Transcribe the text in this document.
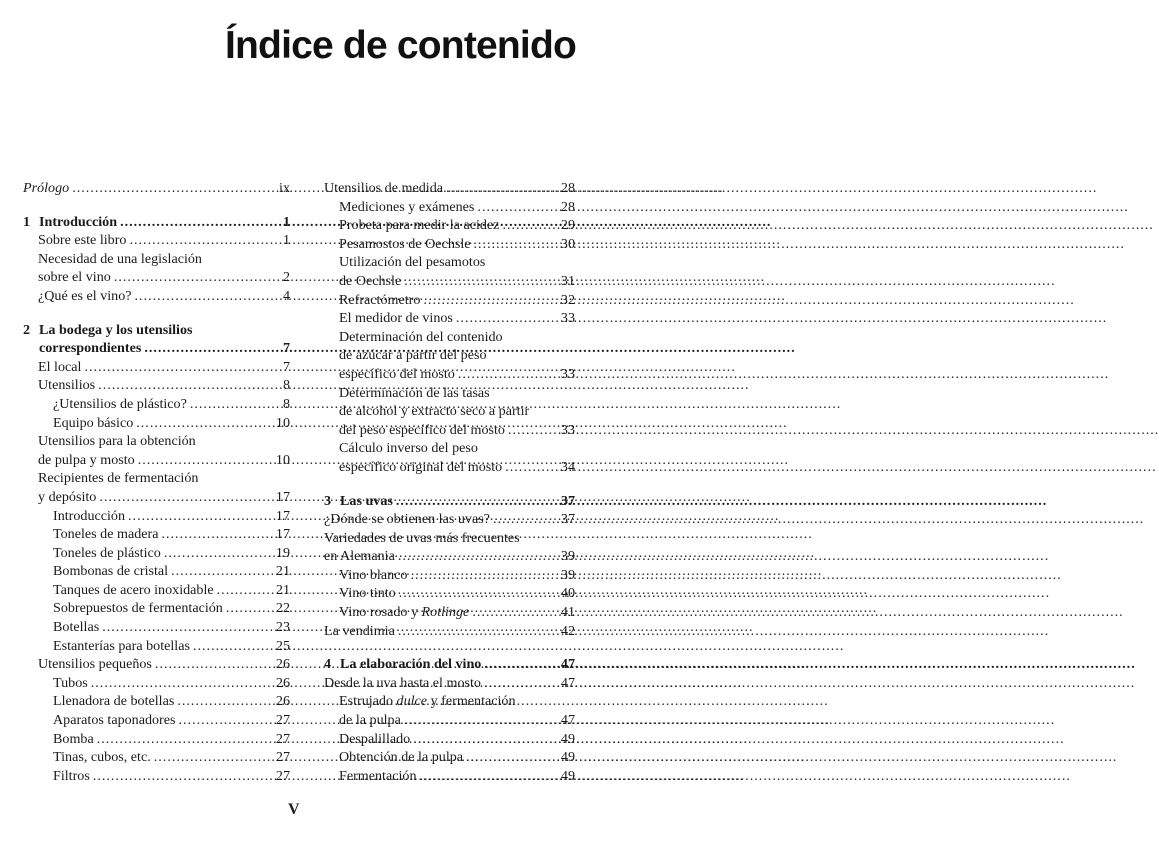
Índice de contenido
Prólogo .....	ix
1 Introducción .....	1
Sobre este libro .....	1
Necesidad de una legislación
sobre el vino .....	2
¿Qué es el vino? .....	4
2 La bodega y los utensilios
correspondientes .....	7
El local .....	7
Utensilios .....	8
¿Utensilios de plástico? .....	8
Equipo básico .....	10
Utensilios para la obtención
de pulpa y mosto .....	10
Recipientes de fermentación
y depósito .....	17
Introducción .....	17
Toneles de madera .....	17
Toneles de plástico .....	19
Bombonas de cristal .....	21
Tanques de acero inoxidable .....	21
Sobrepuestos de fermentación .....	22
Botellas .....	23
Estanterías para botellas .....	25
Utensilios pequeños .....	26
Tubos .....	26
Llenadora de botellas .....	26
Aparatos taponadores .....	27
Bomba .....	27
Tinas, cubos, etc. .....	27
Filtros .....	27
Utensilios de medida .....	28
Mediciones y exámenes .....	28
Probeta para medir la acidez .....	29
Pesamostos de Oechsle .....	30
Utilización del pesamotos
de Oechsle .....	31
Refractómetro .....	32
El medidor de vinos .....	33
Determinación del contenido
de azúcar a partir del peso
específico del mosto .....	33
Determinación de las tasas
de alcohol y extracto seco a partir
del peso específico del mosto .....	33
Cálculo inverso del peso
específico original del mosto .....	34
3 Las uvas .....	37
¿Dónde se obtienen las uvas? .....	37
Variedades de uvas más frecuentes
en Alemania .....	39
Vino blanco .....	39
Vino tinto .....	40
Vino rosado y Rotlinge .....	41
La vendimia .....	42
4 La elaboración del vino .....	47
Desde la uva hasta el mosto .....	47
Estrujado dulce y fermentación
de la pulpa .....	47
Despalillado .....	49
Obtención de la pulpa .....	49
Fermentación .....	49
V
